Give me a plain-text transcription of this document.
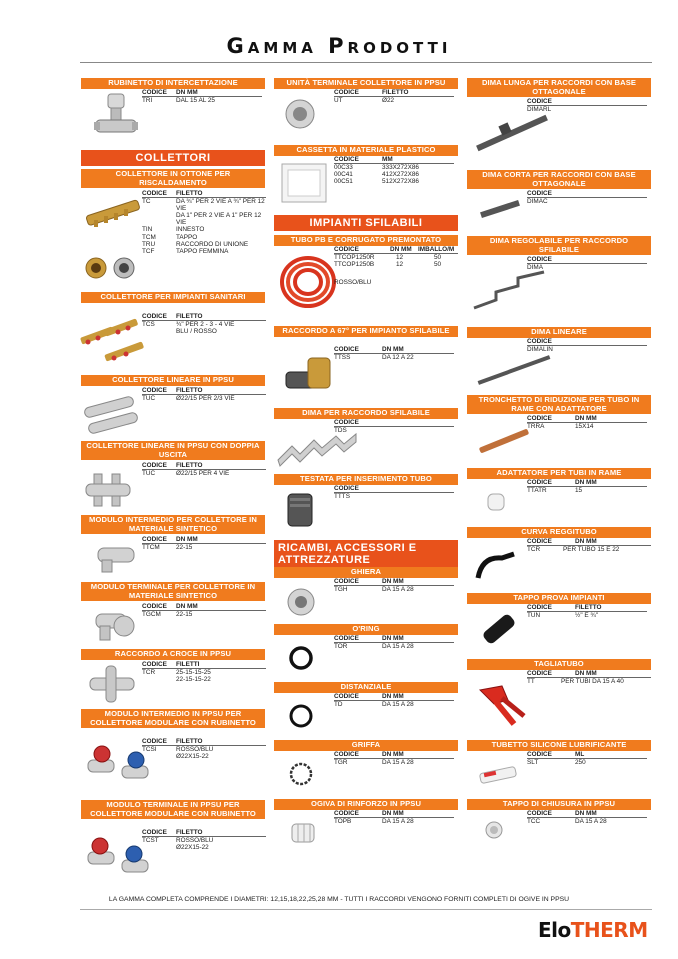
Gamma Prodotti
RUBINETTO DI INTERCETTAZIONE
CODICE	DN MM
TRI	DAL 15 AL 25
COLLETTORI
COLLETTORE IN OTTONE PER RISCALDAMENTO
CODICE	FILETTO
TC	DA ¾" PER 2 VIE A ¾" PER 12 VIE
DA 1" PER 2 VIE A 1" PER 12 VIE
TIN	INNESTO
TCM	TAPPO
TRU	RACCORDO DI UNIONE
TCF	TAPPO FEMMINA
COLLETTORE PER IMPIANTI SANITARI
CODICE	FILETTO
TCS	¾" PER 2 - 3 - 4 VIE
BLU / ROSSO
COLLETTORE LINEARE IN PPSU
CODICE	FILETTO
TUC	Ø22/15 PER 2/3 VIE
COLLETTORE LINEARE IN PPSU CON DOPPIA USCITA
CODICE	FILETTO
TUC	Ø22/15 PER 4 VIE
MODULO INTERMEDIO PER COLLETTORE IN MATERIALE SINTETICO
CODICE	DN MM
TTCM	22-15
MODULO TERMINALE PER COLLETTORE IN MATERIALE SINTETICO
CODICE	DN MM
TGCM	22-15
RACCORDO A CROCE IN PPSU
CODICE	FILETTI
TCR	25-15-15-25
22-15-15-22
MODULO INTERMEDIO IN PPSU PER COLLETTORE MODULARE CON RUBINETTO
CODICE	FILETTO
TCSI	ROSSO/BLU
Ø22X15-22
MODULO TERMINALE IN PPSU PER COLLETTORE MODULARE CON RUBINETTO
CODICE	FILETTO
TCST	ROSSO/BLU
Ø22X15-22
UNITÀ TERMINALE COLLETTORE IN PPSU
CODICE	FILETTO
UT	Ø22
CASSETTA IN MATERIALE PLASTICO
CODICE	MM
00C33	333X272X86
00C41	412X272X86
00C51	512X272X86
IMPIANTI SFILABILI
TUBO PB E CORRUGATO PREMONTATO
CODICE	DN MM IMBALLO/M
TTCOP1250R	12	50
TTCOP1250B	12	50
ROSSO/BLU
RACCORDO A 67° PER IMPIANTO SFILABILE
CODICE	DN MM
TTSS	DA 12 A 22
DIMA PER RACCORDO SFILABILE
CODICE
TDS
TESTATA PER INSERIMENTO TUBO
CODICE
TTTS
RICAMBI, ACCESSORI E ATTREZZATURE
GHIERA
CODICE	DN MM
TGH	DA 15 A 28
O'RING
CODICE	DN MM
TOR	DA 15 A 28
DISTANZIALE
CODICE	DN MM
TD	DA 15 A 28
GRIFFA
CODICE	DN MM
TGR	DA 15 A 28
OGIVA DI RINFORZO IN PPSU
CODICE	DN MM
TOPB	DA 15 A 28
DIMA LUNGA PER RACCORDI CON BASE OTTAGONALE
CODICE
DIMARL
DIMA CORTA PER RACCORDI CON BASE OTTAGONALE
CODICE
DIMAC
DIMA REGOLABILE PER RACCORDO SFILABILE
CODICE
DIMA
DIMA LINEARE
CODICE
DIMALIN
TRONCHETTO DI RIDUZIONE PER TUBO IN RAME CON ADATTATORE
CODICE	DN MM
TRRA	15X14
ADATTATORE PER TUBI IN RAME
CODICE	DN MM
TTATR	15
CURVA REGGITUBO
CODICE	DN MM
TCR	PER TUBO 15 E 22
TAPPO PROVA IMPIANTI
CODICE	FILETTO
TUN	½" E ¾"
TAGLIATUBO
CODICE	DN MM
TT	PER TUBI DA 15 A 40
TUBETTO SILICONE LUBRIFICANTE
CODICE	ML
SLT	250
TAPPO DI CHIUSURA IN PPSU
CODICE	DN MM
TCC	DA 15 A 28
LA GAMMA COMPLETA COMPRENDE I DIAMETRI: 12,15,18,22,25,28 MM - TUTTI I RACCORDI VENGONO FORNITI COMPLETI DI OGIVE IN PPSU
EloTHERM
